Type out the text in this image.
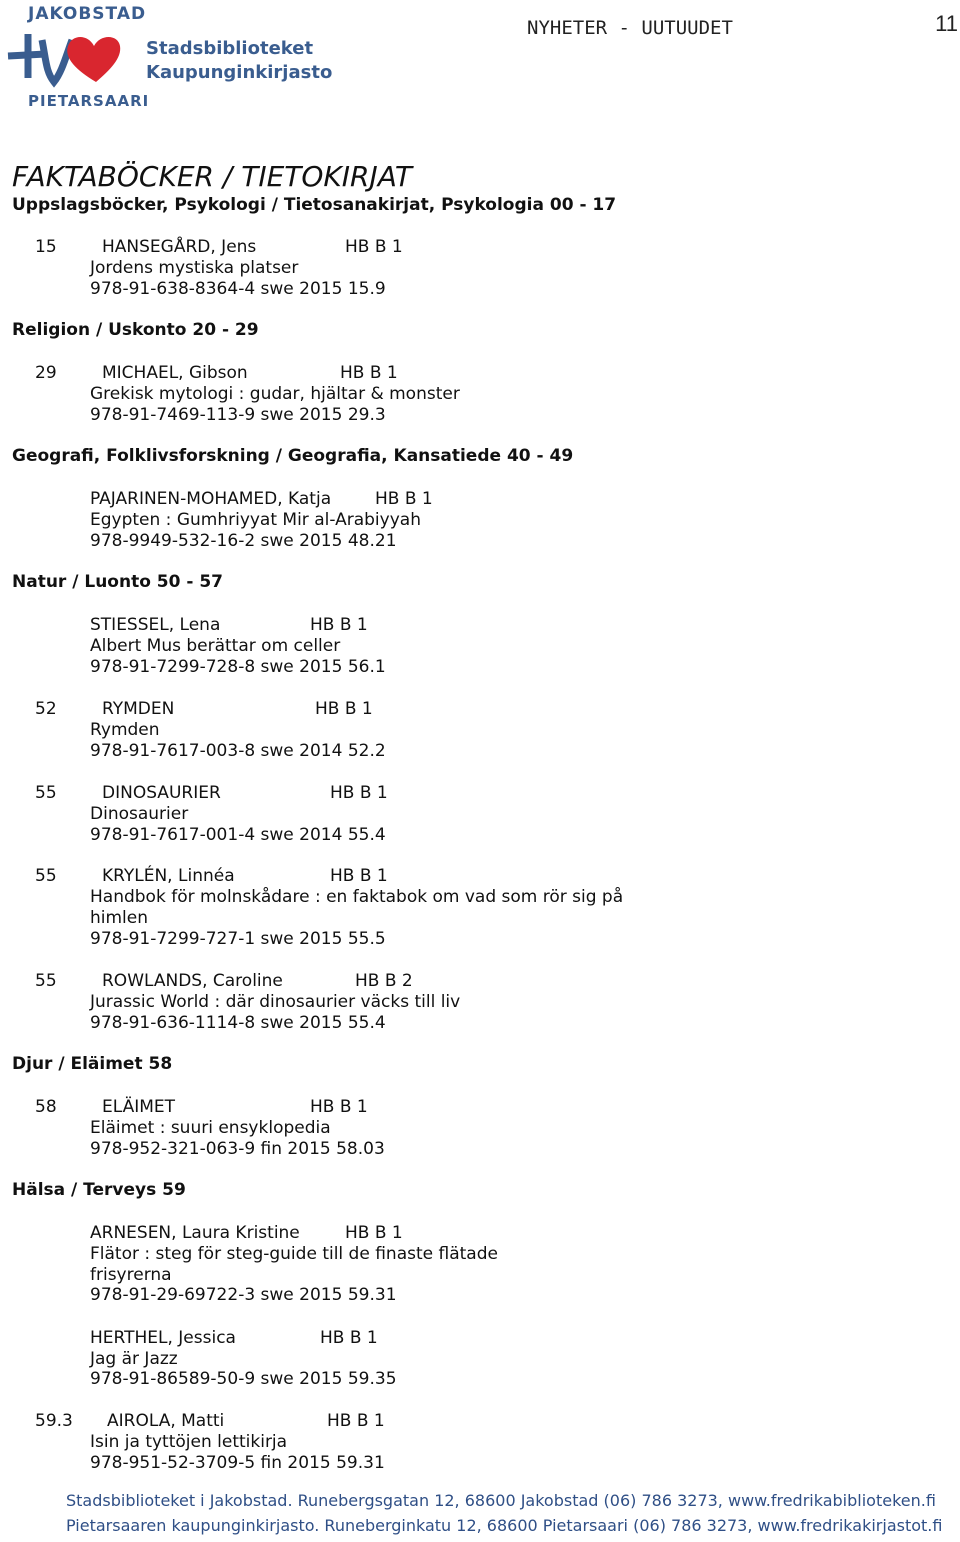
JAKOBSTAD
Stadsbiblioteket
Kaupunginkirjasto
PIETARSAARI
NYHETER - UUTUUDET	11
FAKTABÖCKER / TIETOKIRJAT
Uppslagsböcker, Psykologi / Tietosanakirjat, Psykologia 00 - 17
15	HANSEGÅRD, Jens	HB B 1
Jordens mystiska platser
978-91-638-8364-4 swe 2015 15.9
Religion / Uskonto 20 - 29
29	MICHAEL, Gibson	HB B 1
Grekisk mytologi : gudar, hjältar & monster
978-91-7469-113-9 swe 2015 29.3
Geografi, Folklivsforskning / Geografia, Kansatiede 40 - 49
PAJARINEN-MOHAMED, Katja	HB B 1
Egypten : Gumhriyyat Mir al-Arabiyyah
978-9949-532-16-2 swe 2015 48.21
Natur / Luonto 50 - 57
STIESSEL, Lena	HB B 1
Albert Mus berättar om celler
978-91-7299-728-8 swe 2015 56.1
52	RYMDEN	HB B 1
Rymden
978-91-7617-003-8 swe 2014 52.2
55	DINOSAURIER	HB B 1
Dinosaurier
978-91-7617-001-4 swe 2014 55.4
55	KRYLÉN, Linnéa	HB B 1
Handbok för molnskådare : en faktabok om vad som rör sig på
himlen
978-91-7299-727-1 swe 2015 55.5
55	ROWLANDS, Caroline	HB B 2
Jurassic World : där dinosaurier väcks till liv
978-91-636-1114-8 swe 2015 55.4
Djur / Eläimet 58
58	ELÄIMET	HB B 1
Eläimet : suuri ensyklopedia
978-952-321-063-9 fin 2015 58.03
Hälsa / Terveys 59
ARNESEN, Laura Kristine	HB B 1
Flätor : steg för steg-guide till de finaste flätade
frisyrerna
978-91-29-69722-3 swe 2015 59.31
HERTHEL, Jessica	HB B 1
Jag är Jazz
978-91-86589-50-9 swe 2015 59.35
59.3 AIROLA, Matti	HB B 1
Isin ja tyttöjen lettikirja
978-951-52-3709-5 fin 2015 59.31
Stadsbiblioteket i Jakobstad. Runebergsgatan 12, 68600 Jakobstad (06) 786 3273, www.fredrikabiblioteken.fi
Pietarsaaren kaupunginkirjasto. Runeberginkatu 12, 68600 Pietarsaari (06) 786 3273, www.fredrikakirjastot.fi
